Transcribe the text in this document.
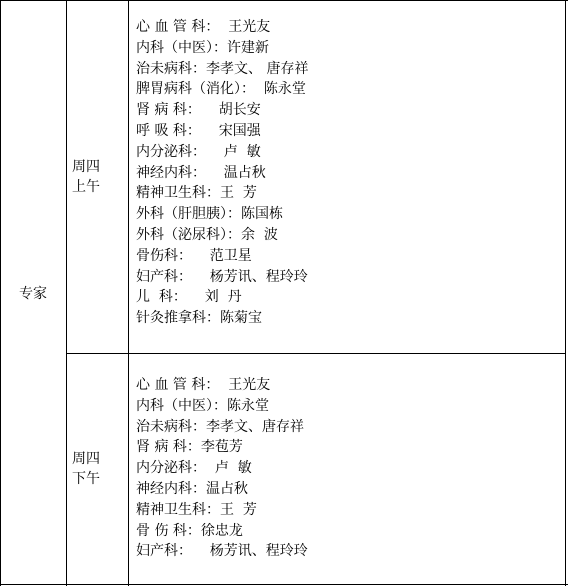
专家
周四
上午
周四
下午
心 血 管 科：  王光友
内科（中医）：许建新
治未病科：李孝文、 唐存祥
脾胃病科（消化）：  陈永堂
肾 病 科：    胡长安
呼 吸 科：    宋国强
内分泌科：    卢  敏
神经内科：    温占秋
精神卫生科：王  芳
外科（肝胆胰）：陈国栋
外科（泌尿科）：余  波
骨伤科：    范卫星
妇产科：    杨芳讯、程玲玲
儿  科：    刘  丹
针灸推拿科：陈菊宝
心 血 管 科：  王光友
内科（中医）：陈永堂
治未病科：李孝文、唐存祥
肾 病 科：李苞芳
内分泌科：  卢  敏
神经内科：温占秋
精神卫生科：王  芳
骨 伤 科：徐忠龙
妇产科：    杨芳讯、程玲玲
